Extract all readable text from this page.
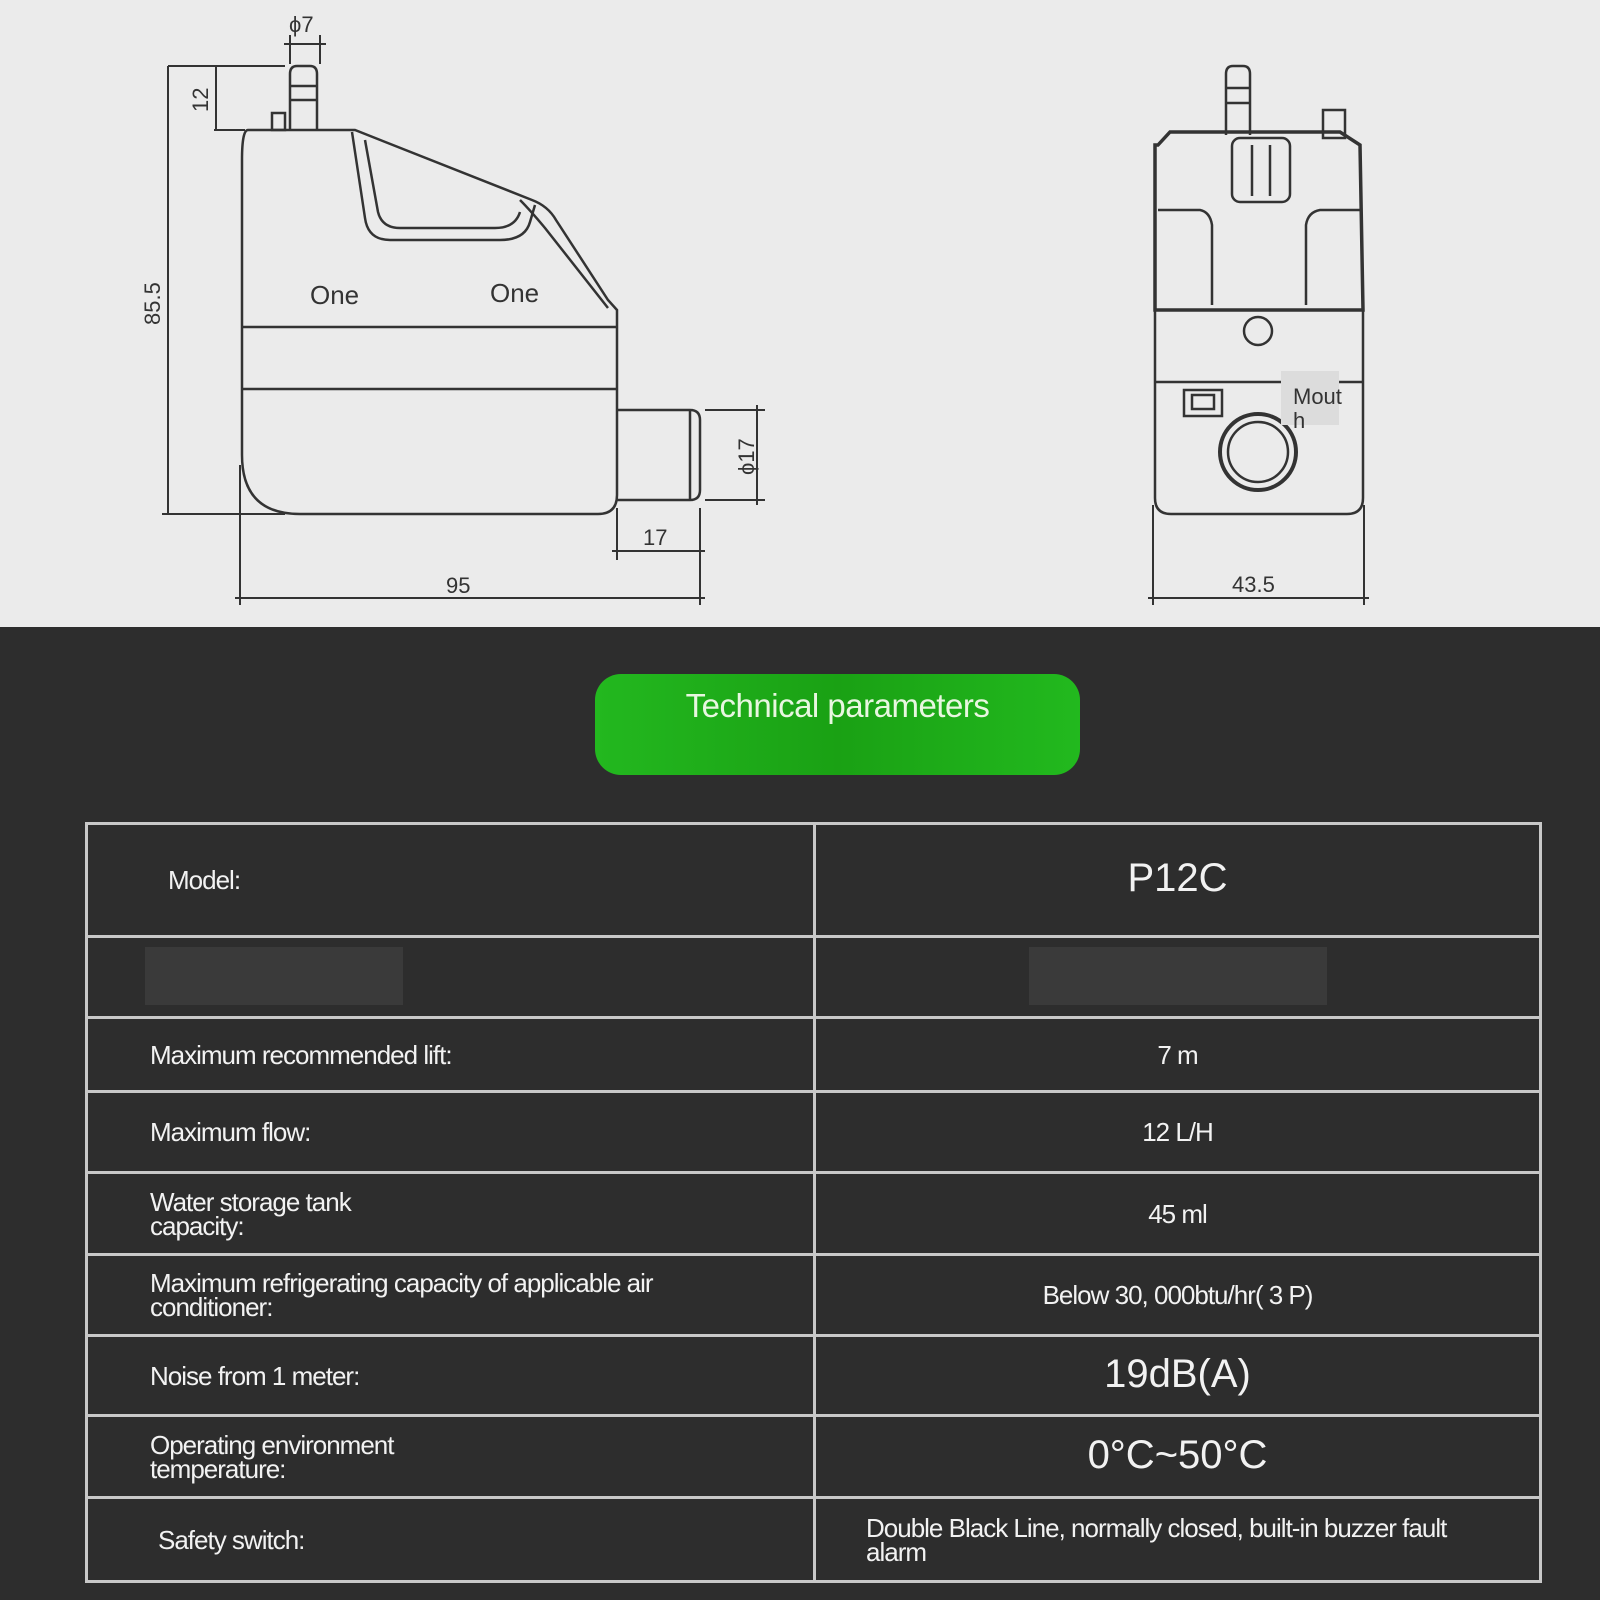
ϕ7
12
85.5
ϕ17
17
95
One	One
Mout
h
43.5
Technical parameters
Model:	P12C

Maximum recommended lift:	7 m
Maximum flow:	12 L/H
Water storage tank capacity:	45 ml
Maximum refrigerating capacity of applicable air conditioner:	Below 30, 000btu/hr( 3 P)
Noise from 1 meter:	19dB(A)
Operating environment temperature:	0°C~50°C
Safety switch:	Double Black Line, normally closed, built-in buzzer fault alarm
